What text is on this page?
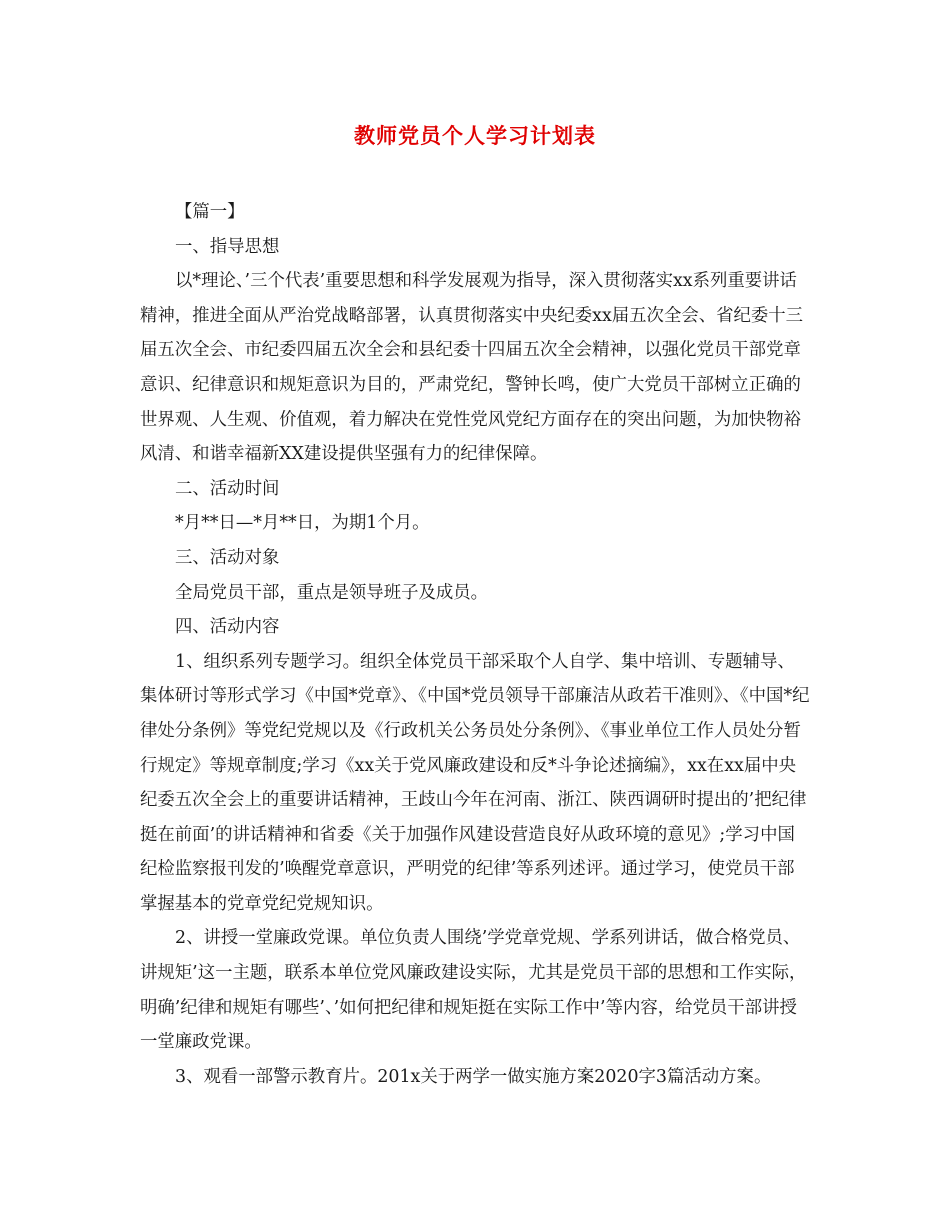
教师党员个人学习计划表

【篇一】

一、指导思想

以*理论、’三个代表’重要思想和科学发展观为指导，深入贯彻落实xx系列重要讲话精神，推进全面从严治党战略部署，认真贯彻落实中央纪委xx届五次全会、省纪委十三届五次全会、市纪委四届五次全会和县纪委十四届五次全会精神，以强化党员干部党章意识、纪律意识和规矩意识为目的，严肃党纪，警钟长鸣，使广大党员干部树立正确的世界观、人生观、价值观，着力解决在党性党风党纪方面存在的突出问题，为加快物裕风清、和谐幸福新XX建设提供坚强有力的纪律保障。

二、活动时间

*月**日—*月**日，为期1个月。

三、活动对象

全局党员干部，重点是领导班子及成员。

四、活动内容

1、组织系列专题学习。组织全体党员干部采取个人自学、集中培训、专题辅导、集体研讨等形式学习《中国*党章》、《中国*党员领导干部廉洁从政若干准则》、《中国*纪律处分条例》等党纪党规以及《行政机关公务员处分条例》、《事业单位工作人员处分暂行规定》等规章制度;学习《xx关于党风廉政建设和反*斗争论述摘编》，xx在xx届中央纪委五次全会上的重要讲话精神，王歧山今年在河南、浙江、陕西调研时提出的’把纪律挺在前面’的讲话精神和省委《关于加强作风建设营造良好从政环境的意见》;学习中国纪检监察报刊发的’唤醒党章意识，严明党的纪律’等系列述评。通过学习，使党员干部掌握基本的党章党纪党规知识。

2、讲授一堂廉政党课。单位负责人围绕’学党章党规、学系列讲话，做合格党员、讲规矩’这一主题，联系本单位党风廉政建设实际，尤其是党员干部的思想和工作实际，明确’纪律和规矩有哪些’、’如何把纪律和规矩挺在实际工作中’等内容，给党员干部讲授一堂廉政党课。

3、观看一部警示教育片。201x关于两学一做实施方案2020字3篇活动方案。
